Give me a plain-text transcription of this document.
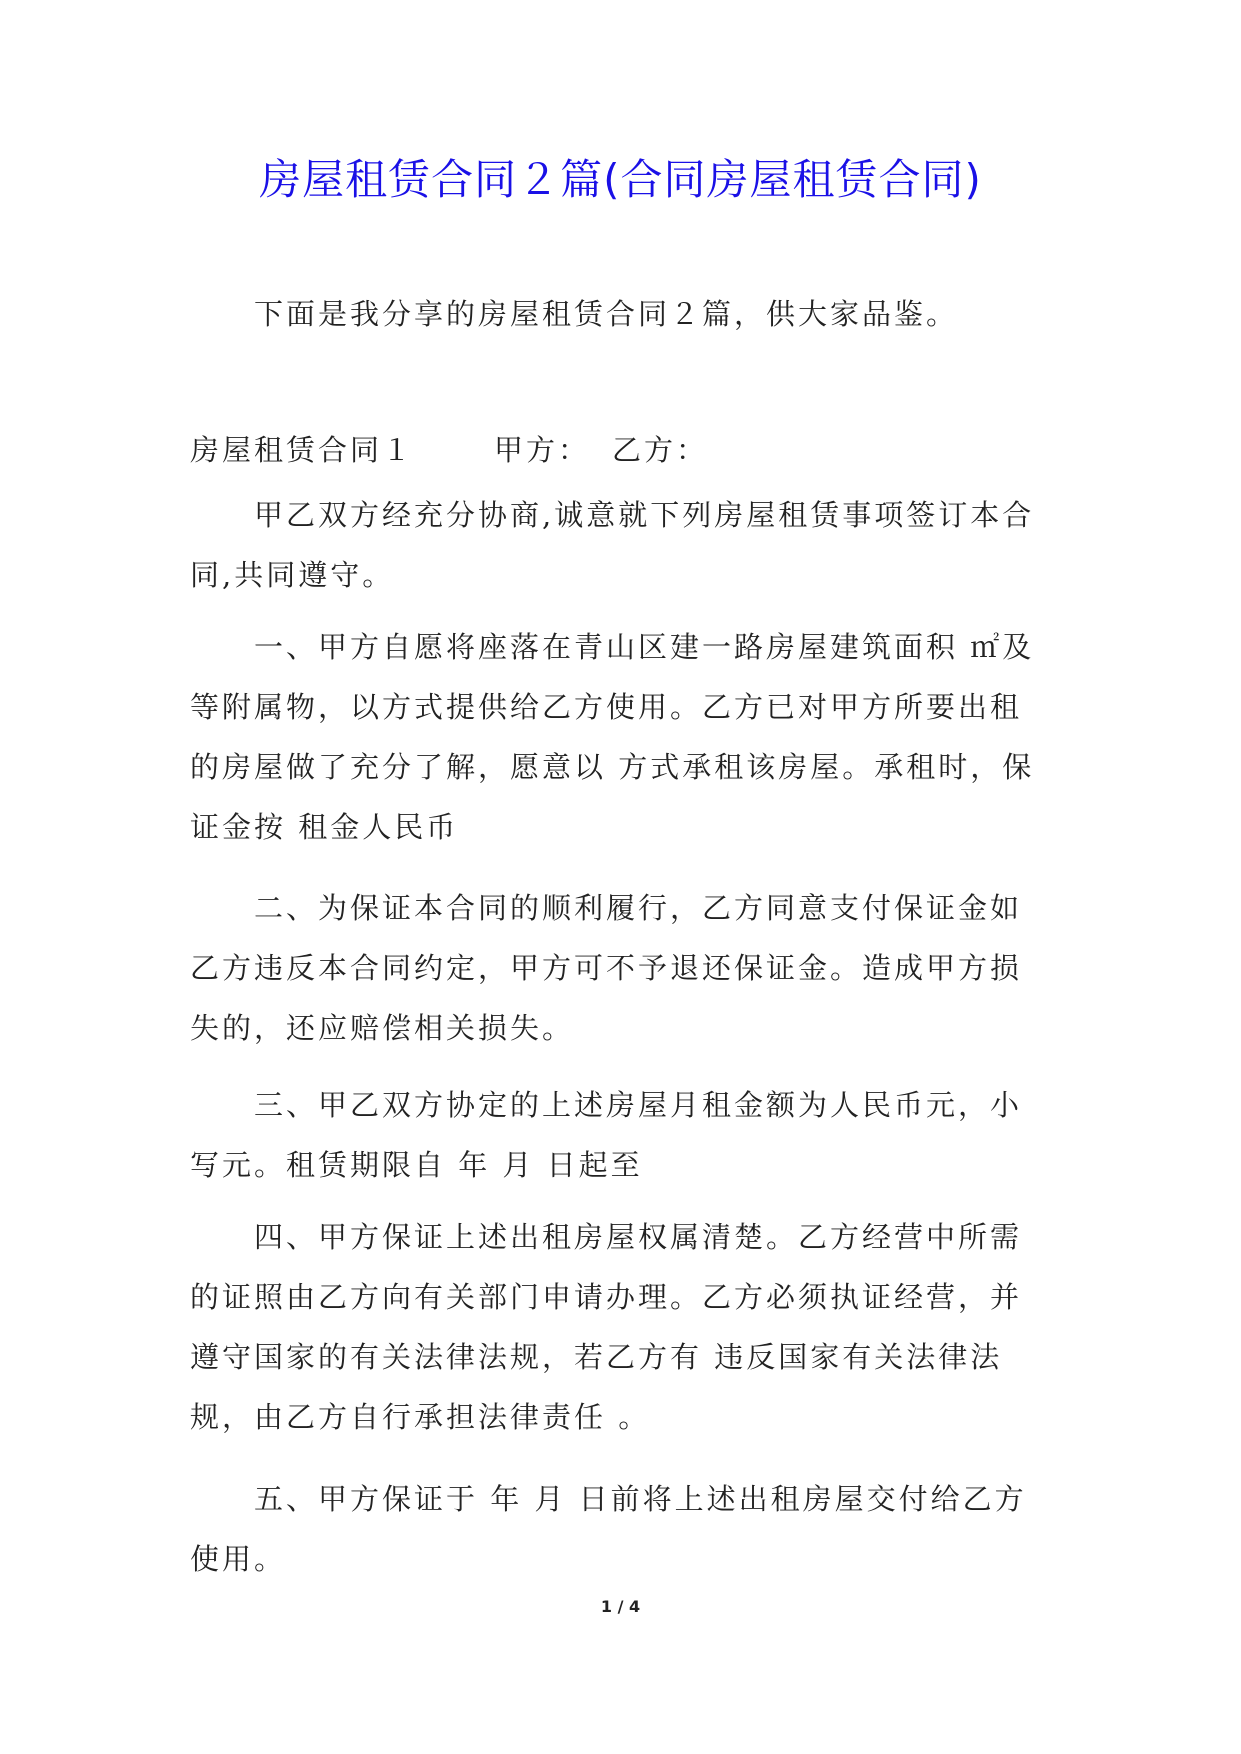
房屋租赁合同２篇(合同房屋租赁合同)

下面是我分享的房屋租赁合同２篇，供大家品鉴。

房屋租赁合同１	甲方： 乙方：

甲乙双方经充分协商,诚意就下列房屋租赁事项签订本合同,共同遵守。

一、甲方自愿将座落在青山区建一路房屋建筑面积 ㎡及等附属物，以方式提供给乙方使用。乙方已对甲方所要出租的房屋做了充分了解，愿意以 方式承租该房屋。承租时，保证金按 租金人民币

二、为保证本合同的顺利履行，乙方同意支付保证金如乙方违反本合同约定，甲方可不予退还保证金。造成甲方损失的，还应赔偿相关损失。

三、甲乙双方协定的上述房屋月租金额为人民币元，小写元。租赁期限自 年 月 日起至

四、甲方保证上述出租房屋权属清楚。乙方经营中所需的证照由乙方向有关部门申请办理。乙方必须执证经营，并遵守国家的有关法律法规，若乙方有 违反国家有关法律法规，由乙方自行承担法律责任 。

五、甲方保证于 年 月 日前将上述出租房屋交付给乙方使用。

1 / 4
